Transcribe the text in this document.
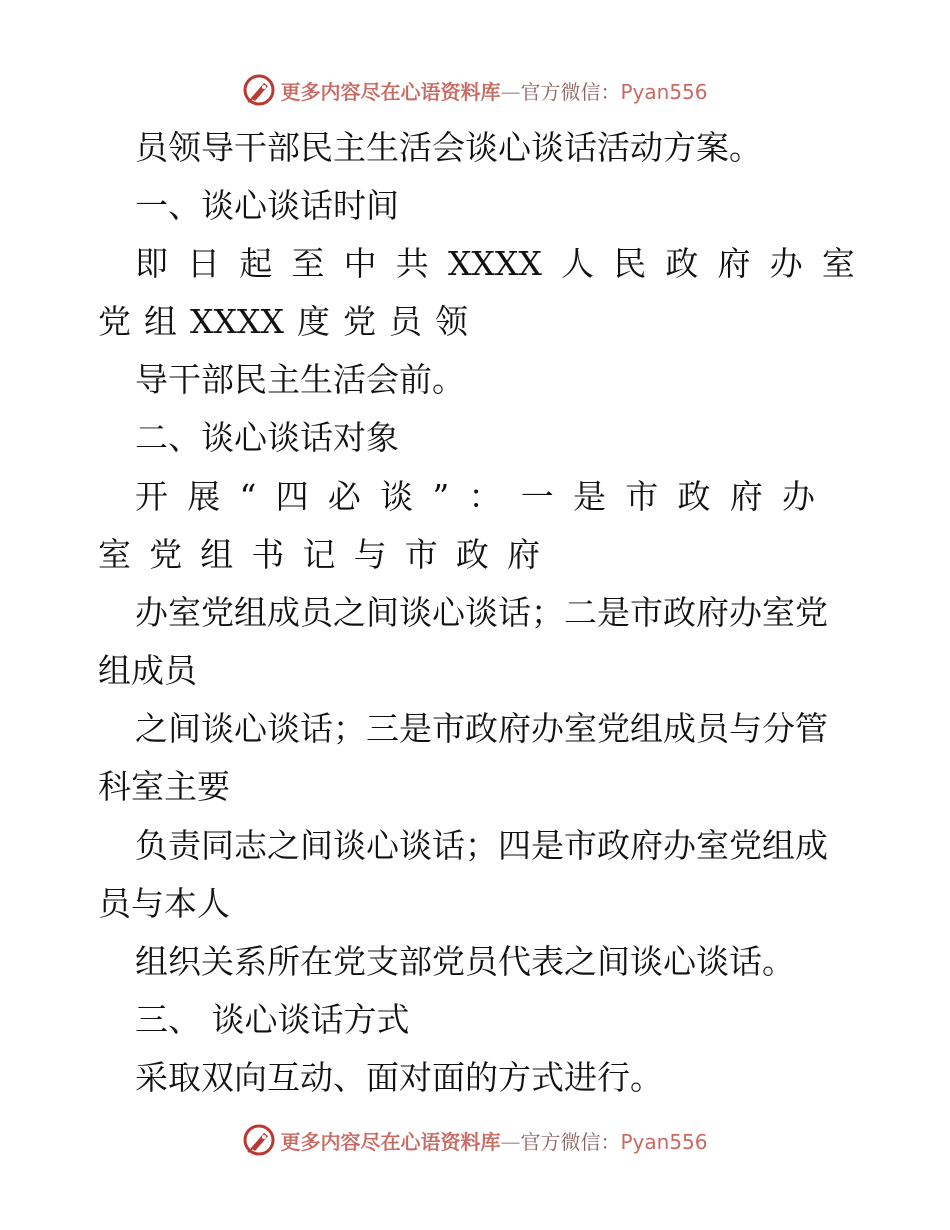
更多内容尽在心语资料库—官方微信：Pyan556
员领导干部民主生活会谈心谈话活动方案。
一、谈心谈话时间
即 日 起 至 中 共 XXXX 人 民 政 府 办 室
党 组 XXXX 度 党 员 领
导干部民主生活会前。
二、谈心谈话对象
开 展 “ 四 必 谈 ” ： 一 是 市 政 府 办
室 党 组 书 记 与 市 政 府
办室党组成员之间谈心谈话；二是市政府办室党
组成员
之间谈心谈话；三是市政府办室党组成员与分管
科室主要
负责同志之间谈心谈话；四是市政府办室党组成
员与本人
组织关系所在党支部党员代表之间谈心谈话。
三、 谈心谈话方式
采取双向互动、面对面的方式进行。
更多内容尽在心语资料库—官方微信：Pyan556
